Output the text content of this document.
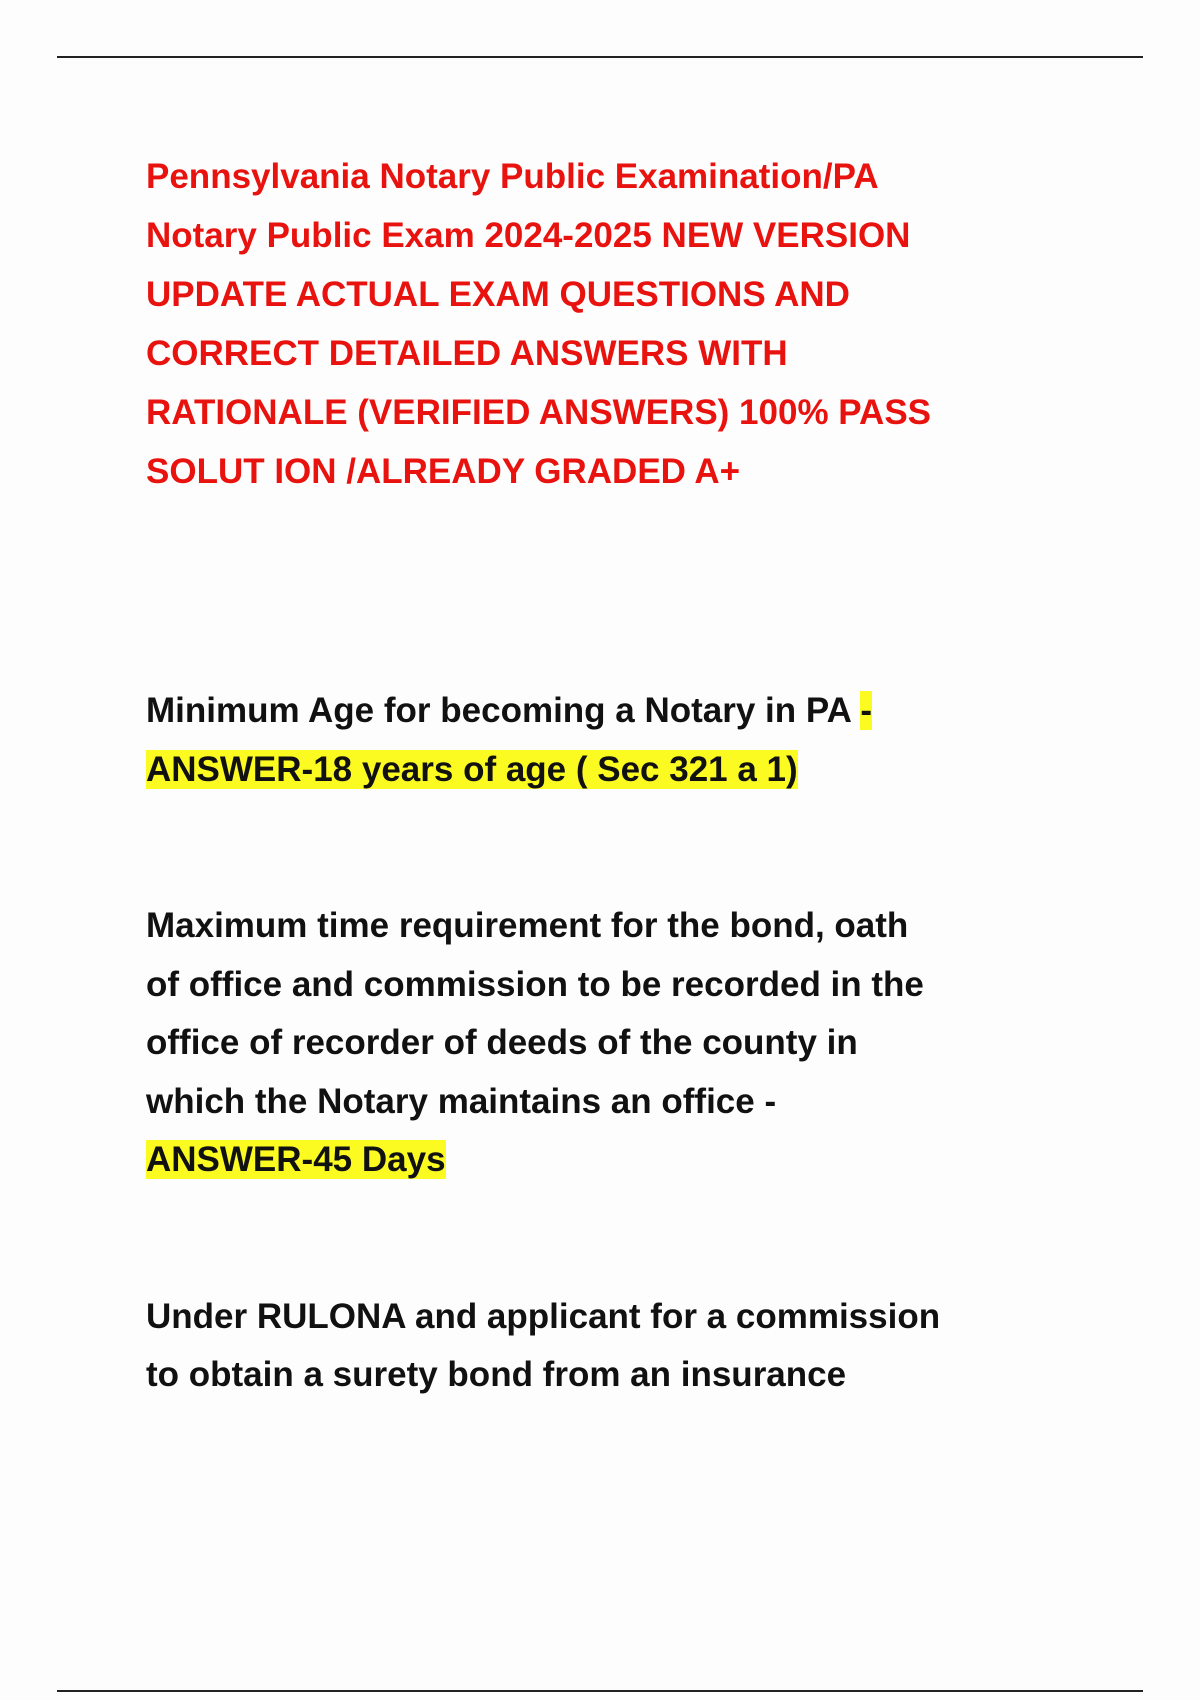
Pennsylvania Notary Public Examination/PA
Notary Public Exam 2024-2025 NEW VERSION
UPDATE ACTUAL EXAM QUESTIONS AND
CORRECT DETAILED ANSWERS WITH
RATIONALE (VERIFIED ANSWERS) 100% PASS
SOLUT ION /ALREADY GRADED A+

Minimum Age for becoming a Notary in PA -
ANSWER-18 years of age ( Sec 321 a 1)

Maximum time requirement for the bond, oath
of office and commission to be recorded in the
office of recorder of deeds of the county in
which the Notary maintains an office -
ANSWER-45 Days

Under RULONA and applicant for a commission
to obtain a surety bond from an insurance
